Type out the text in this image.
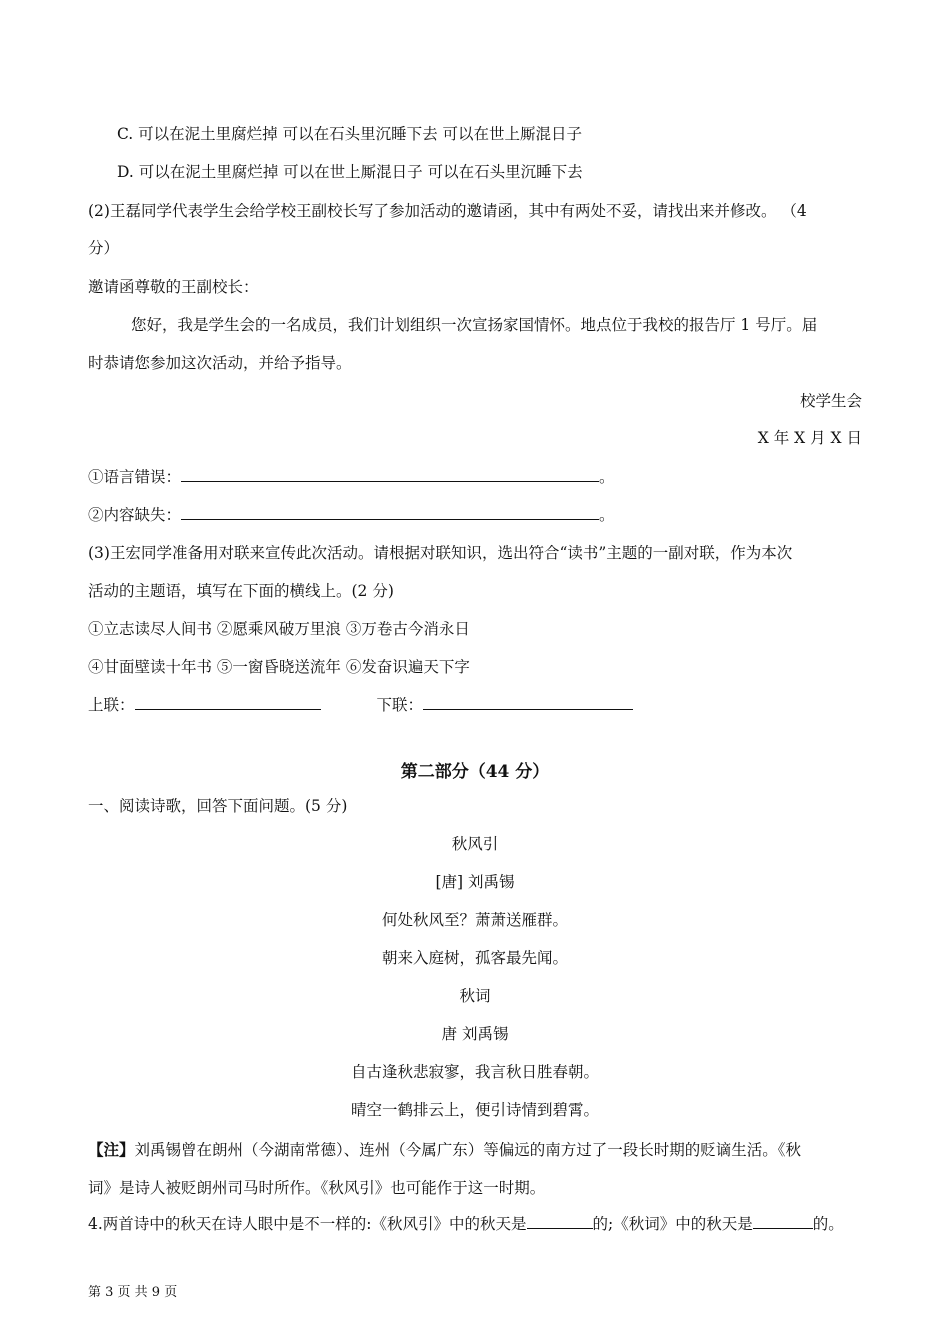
C. 可以在泥土里腐烂掉 可以在石头里沉睡下去 可以在世上厮混日子
D. 可以在泥土里腐烂掉 可以在世上厮混日子 可以在石头里沉睡下去
(2)王磊同学代表学生会给学校王副校长写了参加活动的邀请函，其中有两处不妥，请找出来并修改。 （4
分）
邀请函尊敬的王副校长：
您好，我是学生会的一名成员，我们计划组织一次宣扬家国情怀。地点位于我校的报告厅 1 号厅。届
时恭请您参加这次活动，并给予指导。
校学生会
X 年 X 月 X 日
①语言错误：	。
②内容缺失：	。
(3)王宏同学准备用对联来宣传此次活动。请根据对联知识，选出符合“读书”主题的一副对联，作为本次
活动的主题语，填写在下面的横线上。(2 分)
①立志读尽人间书 ②愿乘风破万里浪 ③万卷古今消永日
④甘面壁读十年书 ⑤一窗昏晓送流年 ⑥发奋识遍天下字
上联：	下联：
第二部分（44 分）
一、阅读诗歌，回答下面问题。(5 分)
秋风引
[唐] 刘禹锡
何处秋风至？萧萧送雁群。
朝来入庭树，孤客最先闻。
秋词
唐 刘禹锡
自古逢秋悲寂寥，我言秋日胜春朝。
晴空一鹤排云上，便引诗情到碧霄。
【注】刘禹锡曾在朗州（今湖南常德）、连州（今属广东）等偏远的南方过了一段长时期的贬谪生活。《秋
词》是诗人被贬朗州司马时所作。《秋风引》也可能作于这一时期。
4.两首诗中的秋天在诗人眼中是不一样的:《秋风引》中的秋天是	的;《秋词》中的秋天是	的。
第 3 页 共 9 页
